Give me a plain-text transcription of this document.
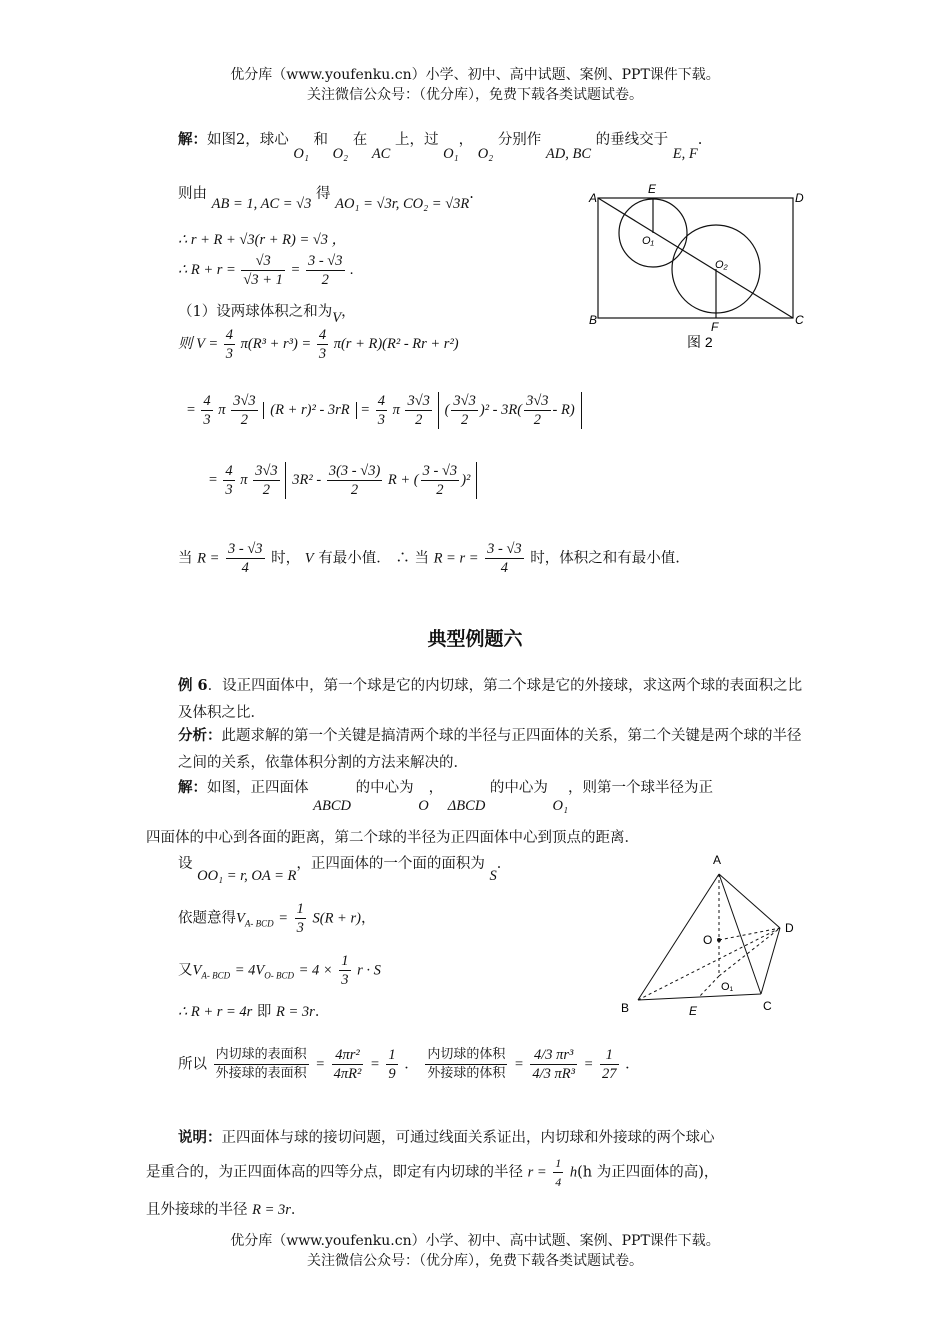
优分库（www.youfenku.cn）小学、初中、高中试题、案例、PPT课件下载。
关注微信公众号：（优分库），免费下载各类试题试卷。
解：如图2，球心 O₁ 和 O₂ 在 AC 上，过 O₁， O₂ 分别作 AD, BC 的垂线交于 E, F.
则由 AB = 1, AC = √3 得 AO₁ = √3r, CO₂ = √3R.
∴ r + R + √3(r + R) = √3 ，
∴ $R + r = \frac{√3}{√3 + 1} = \frac{3 - √3}{2}$ .
（1）设两球体积之和为V，
则 $V = \frac{4}{3} \pi(R^3 + r^3) = \frac{4}{3} \pi(r + R)(R^2 - Rr + r^2)$
= $\frac{4}{3}$ π $\frac{3√3}{2} (R + r)^2 - 3rR = \frac{4}{3}$ π $\frac{3√3}{2}$ ( $\frac{3√3}{2} )^2 - 3R( \frac{3√3}{2} - R)$
= $\frac{4}{3}$ π $\frac{3√3}{2} 3R^2 - \frac{3(3 - √3)}{2}$ R + ( $\frac{3 - √3}{2} )^2$
当 $R = \frac{3 - √3}{4}$ 时， V 有最小值． ∴ 当 $R = r = \frac{3 - √3}{4}$ 时，体积之和有最小值.
A
B	C
D
E
F
O₁
O₂
图 2
典型例题六
例 6．设正四面体中，第一个球是它的内切球，第二个球是它的外接球，求这两个球的表面积之比及体积之比．
分析：此题求解的第一个关键是搞清两个球的半径与正四面体的关系，第二个关键是两个球的半径之间的关系，依靠体积分割的方法来解决的．
解：如图，正四面体 ABCD 的中心为 O， ΔBCD 的中心为 O₁，则第一个球半径为正
四面体的中心到各面的距离，第二个球的半径为正四面体中心到顶点的距离．
设 OO₁ = r, OA = R，正四面体的一个面的面积为 S．
依题意得$V_{A- BCD} = \frac{1}{3} S(R + r)$，
又$V_{A- BCD} = 4V_{O- BCD} = 4 \times \frac{1}{3}$ r · S
∴ R + r = 4r 即 R = 3r．
所以 $\frac{\text{内切球的表面积}}{\text{外接球的表面积}} = \frac{\text{4πr²}}{\text{4πR²}} = \frac{1}{9}$ ． $\frac{\text{内切球的体积}}{\text{外接球的体积}} = \frac{\text{4/3 πr³}}{\text{4/3 πR³}} = \frac{1}{27}$ ．
说明：正四面体与球的接切问题，可通过线面关系证出，内切球和外接球的两个球心
是重合的，为正四面体高的四等分点，即定有内切球的半径 $r = \frac{1}{4} h(h$ 为正四面体的高)，
且外接球的半径 R = 3r．
A
B	C
D
E
O
O₁
优分库（www.youfenku.cn）小学、初中、高中试题、案例、PPT课件下载。
关注微信公众号：（优分库），免费下载各类试题试卷。
